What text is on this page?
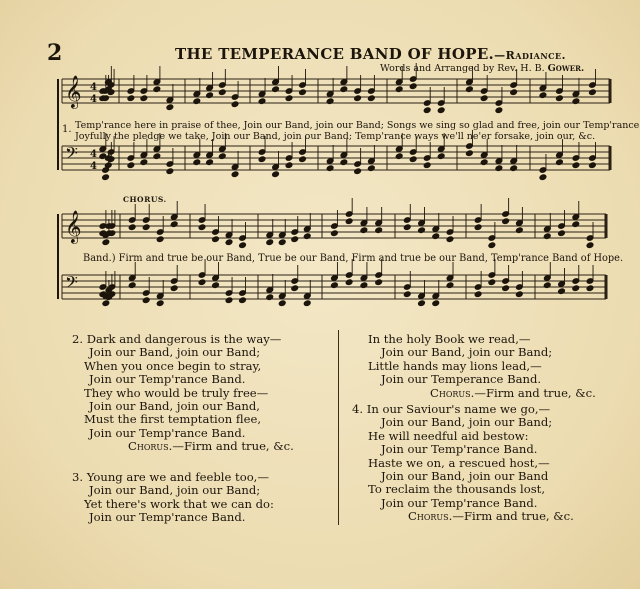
2	THE TEMPERANCE BAND OF HOPE.—Radiance.
Words and Arranged by Rev. H. B. Gower.
𝄞 4
4
𝄢 4
4
𝄞
𝄢
1. Temp'rance here in praise of thee, Join our Band, join our Band; Songs we sing so glad and free, join our Temp'rance
Joyfully the pledge we take, Join our Band, join our Band; Temp'rance ways we'll ne'er forsake, join our, &c.
CHORUS.
Band.) Firm and true be our Band, True be our Band, Firm and true be our Band, Temp'rance Band of Hope.
2. Dark and dangerous is the way—
Join our Band, join our Band;
When you once begin to stray,
Join our Temp'rance Band.
They who would be truly free—
Join our Band, join our Band,
Must the first temptation flee,
Join our Temp'rance Band.
Chorus.—Firm and true, &c.
3. Young are we and feeble too,—
Join our Band, join our Band;
Yet there's work that we can do:
Join our Temp'rance Band.
In the holy Book we read,—
Join our Band, join our Band;
Little hands may lions lead,—
Join our Temperance Band.
Chorus.—Firm and true, &c.
4. In our Saviour's name we go,—
Join our Band, join our Band;
He will needful aid bestow:
Join our Temp'rance Band.
Haste we on, a rescued host,—
Join our Band, join our Band
To reclaim the thousands lost,
Join our Temp'rance Band.
Chorus.—Firm and true, &c.
